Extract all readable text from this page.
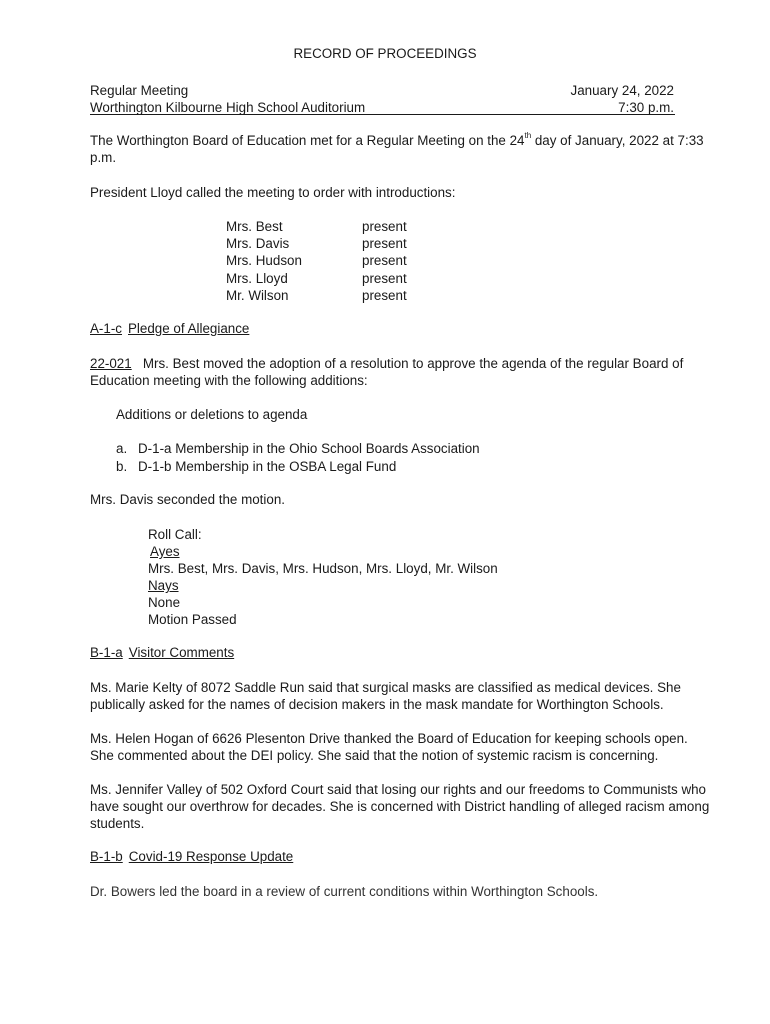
RECORD OF PROCEEDINGS
Regular Meeting
Worthington Kilbourne High School Auditorium
January 24, 2022
7:30 p.m.
The Worthington Board of Education met for a Regular Meeting on the 24th day of January, 2022 at 7:33 p.m.
President Lloyd called the meeting to order with introductions:
Mrs. Best	present
Mrs. Davis	present
Mrs. Hudson	present
Mrs. Lloyd	present
Mr. Wilson	present
A-1-c Pledge of Allegiance
22-021 Mrs. Best moved the adoption of a resolution to approve the agenda of the regular Board of Education meeting with the following additions:
Additions or deletions to agenda
a. D-1-a Membership in the Ohio School Boards Association
b. D-1-b Membership in the OSBA Legal Fund
Mrs. Davis seconded the motion.
Roll Call:
Ayes
Mrs. Best, Mrs. Davis, Mrs. Hudson, Mrs. Lloyd, Mr. Wilson
Nays
None
Motion Passed
B-1-a Visitor Comments
Ms. Marie Kelty of 8072 Saddle Run said that surgical masks are classified as medical devices. She publically asked for the names of decision makers in the mask mandate for Worthington Schools.
Ms. Helen Hogan of 6626 Plesenton Drive thanked the Board of Education for keeping schools open. She commented about the DEI policy. She said that the notion of systemic racism is concerning.
Ms. Jennifer Valley of 502 Oxford Court said that losing our rights and our freedoms to Communists who have sought our overthrow for decades. She is concerned with District handling of alleged racism among students.
B-1-b Covid-19 Response Update
Dr. Bowers led the board in a review of current conditions within Worthington Schools.
